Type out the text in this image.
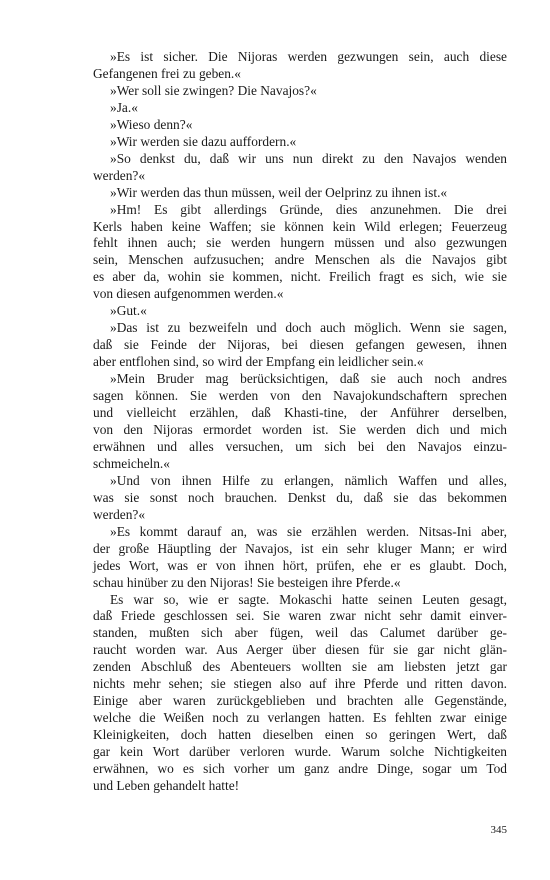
»Es ist sicher. Die Nijoras werden gezwungen sein, auch diese
Gefangenen frei zu geben.«

»Wer soll sie zwingen? Die Navajos?«

»Ja.«

»Wieso denn?«

»Wir werden sie dazu auffordern.«

»So denkst du, daß wir uns nun direkt zu den Navajos wenden
werden?«

»Wir werden das thun müssen, weil der Oelprinz zu ihnen ist.«

»Hm! Es gibt allerdings Gründe, dies anzunehmen. Die drei
Kerls haben keine Waffen; sie können kein Wild erlegen; Feuerzeug
fehlt ihnen auch; sie werden hungern müssen und also gezwungen
sein, Menschen aufzusuchen; andre Menschen als die Navajos gibt
es aber da, wohin sie kommen, nicht. Freilich fragt es sich, wie sie
von diesen aufgenommen werden.«

»Gut.«

»Das ist zu bezweifeln und doch auch möglich. Wenn sie sagen,
daß sie Feinde der Nijoras, bei diesen gefangen gewesen, ihnen
aber entflohen sind, so wird der Empfang ein leidlicher sein.«

»Mein Bruder mag berücksichtigen, daß sie auch noch andres
sagen können. Sie werden von den Navajokundschaftern sprechen
und vielleicht erzählen, daß Khasti-tine, der Anführer derselben,
von den Nijoras ermordet worden ist. Sie werden dich und mich
erwähnen und alles versuchen, um sich bei den Navajos einzu-
schmeicheln.«

»Und von ihnen Hilfe zu erlangen, nämlich Waffen und alles,
was sie sonst noch brauchen. Denkst du, daß sie das bekommen
werden?«

»Es kommt darauf an, was sie erzählen werden. Nitsas-Ini aber,
der große Häuptling der Navajos, ist ein sehr kluger Mann; er wird
jedes Wort, was er von ihnen hört, prüfen, ehe er es glaubt. Doch,
schau hinüber zu den Nijoras! Sie besteigen ihre Pferde.«

Es war so, wie er sagte. Mokaschi hatte seinen Leuten gesagt,
daß Friede geschlossen sei. Sie waren zwar nicht sehr damit einver-
standen, mußten sich aber fügen, weil das Calumet darüber ge-
raucht worden war. Aus Aerger über diesen für sie gar nicht glän-
zenden Abschluß des Abenteuers wollten sie am liebsten jetzt gar
nichts mehr sehen; sie stiegen also auf ihre Pferde und ritten davon.
Einige aber waren zurückgeblieben und brachten alle Gegenstände,
welche die Weißen noch zu verlangen hatten. Es fehlten zwar einige
Kleinigkeiten, doch hatten dieselben einen so geringen Wert, daß
gar kein Wort darüber verloren wurde. Warum solche Nichtigkeiten
erwähnen, wo es sich vorher um ganz andre Dinge, sogar um Tod
und Leben gehandelt hatte!

345
